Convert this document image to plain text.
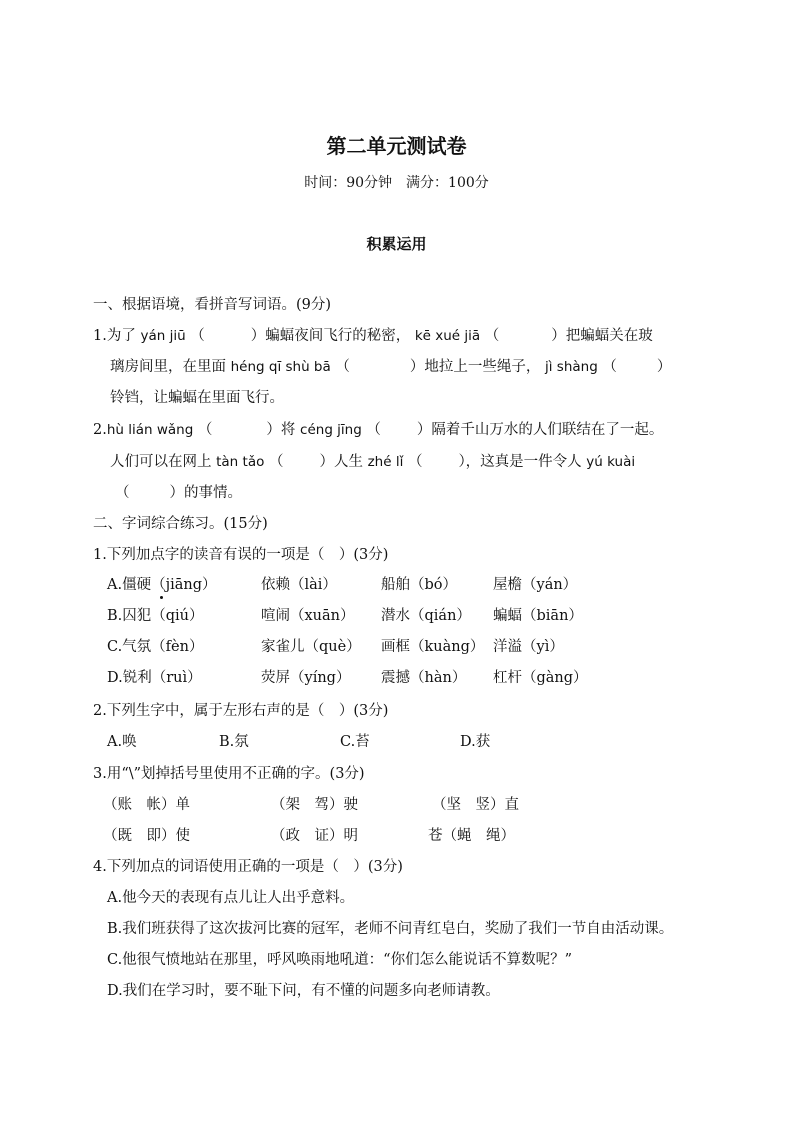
第二单元测试卷
时间：90分钟　满分：100分
积累运用
一、根据语境，看拼音写词语。(9分)
1.为了 yán jiū （	）蝙蝠夜间飞行的秘密， kē xué jiā （	）把蝙蝠关在玻
璃房间里，在里面 héng qī shù bā （	）地拉上一些绳子， jì shàng （	）
铃铛，让蝙蝠在里面飞行。
2.hù lián wǎng （	）将 céng jīng （ ）隔着千山万水的人们联结在了一起。
人们可以在网上 tàn tǎo （ ）人生 zhé lǐ （ ），这真是一件令人 yú kuài
（	）的事情。
二、字词综合练习。(15分)
1.下列加点字的读音有误的一项是（　）(3分)
A.僵硬（jiāng）	依赖（lài）	船舶（bó） 屋檐（yán）
B.囚犯（qiú）	喧闹（xuān） 潜水（qián） 蝙蝠（biān）
C.气氛（fèn）	家雀儿（què） 画框（kuàng） 洋溢（yì）
D.锐利（ruì）	荧屏（yíng） 震撼（hàn） 杠杆（gàng）
2.下列生字中，属于左形右声的是（　）(3分)
A.唤	B.氛	C.苔	D.获
3.用“\”划掉括号里使用不正确的字。(3分)
（账　帐）单	（架　驾）驶	（坚　竖）直
（既　即）使	（政　证）明	苍（蝇　绳）
4.下列加点的词语使用正确的一项是（　）(3分)
A.他今天的表现有点儿让人出乎意料。
B.我们班获得了这次拔河比赛的冠军，老师不问青红皂白，奖励了我们一节自由活动课。
C.他很气愤地站在那里，呼风唤雨地吼道：“你们怎么能说话不算数呢？”
D.我们在学习时，要不耻下问，有不懂的问题多向老师请教。
